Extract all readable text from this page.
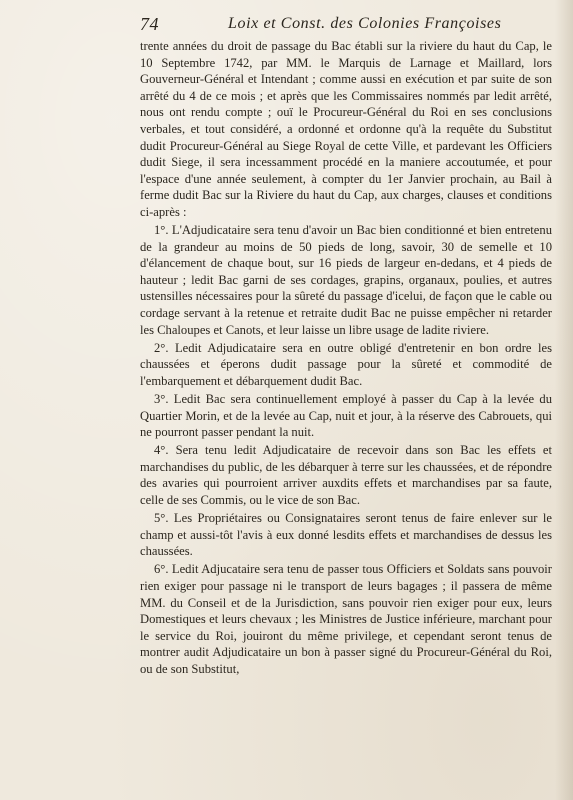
74	Loix et Const. des Colonies Françoises

trente années du droit de passage du Bac établi sur la riviere du haut du Cap, le 10 Septembre 1742, par MM. le Marquis de Larnage et Maillard, lors Gouverneur-Général et Intendant ; comme aussi en exécution et par suite de son arrêté du 4 de ce mois ; et après que les Commissaires nommés par ledit arrêté, nous ont rendu compte ; ouï le Procureur-Général du Roi en ses conclusions verbales, et tout considéré, a ordonné et ordonne qu'à la requête du Substitut dudit Procureur-Général au Siege Royal de cette Ville, et pardevant les Officiers dudit Siege, il sera incessamment procédé en la maniere accoutumée, et pour l'espace d'une année seulement, à compter du 1er Janvier prochain, au Bail à ferme dudit Bac sur la Riviere du haut du Cap, aux charges, clauses et conditions ci-après :

1°. L'Adjudicataire sera tenu d'avoir un Bac bien conditionné et bien entretenu de la grandeur au moins de 50 pieds de long, savoir, 30 de semelle et 10 d'élancement de chaque bout, sur 16 pieds de largeur en-dedans, et 4 pieds de hauteur ; ledit Bac garni de ses cordages, grapins, organaux, poulies, et autres ustensilles nécessaires pour la sûreté du passage d'icelui, de façon que le cable ou cordage servant à la retenue et retraite dudit Bac ne puisse empêcher ni retarder les Chaloupes et Canots, et leur laisse un libre usage de ladite riviere.

2°. Ledit Adjudicataire sera en outre obligé d'entretenir en bon ordre les chaussées et éperons dudit passage pour la sûreté et commodité de l'embarquement et débarquement dudit Bac.

3°. Ledit Bac sera continuellement employé à passer du Cap à la levée du Quartier Morin, et de la levée au Cap, nuit et jour, à la réserve des Cabrouets, qui ne pourront passer pendant la nuit.

4°. Sera tenu ledit Adjudicataire de recevoir dans son Bac les effets et marchandises du public, de les débarquer à terre sur les chaussées, et de répondre des avaries qui pourroient arriver auxdits effets et marchandises par sa faute, celle de ses Commis, ou le vice de son Bac.

5°. Les Propriétaires ou Consignataires seront tenus de faire enlever sur le champ et aussi-tôt l'avis à eux donné lesdits effets et marchandises de dessus les chaussées.

6°. Ledit Adjucataire sera tenu de passer tous Officiers et Soldats sans pouvoir rien exiger pour passage ni le transport de leurs bagages ; il passera de même MM. du Conseil et de la Jurisdiction, sans pouvoir rien exiger pour eux, leurs Domestiques et leurs chevaux ; les Ministres de Justice inférieure, marchant pour le service du Roi, jouiront du même privilege, et cependant seront tenus de montrer audit Adjudicataire un bon à passer signé du Procureur-Général du Roi, ou de son Substitut,
